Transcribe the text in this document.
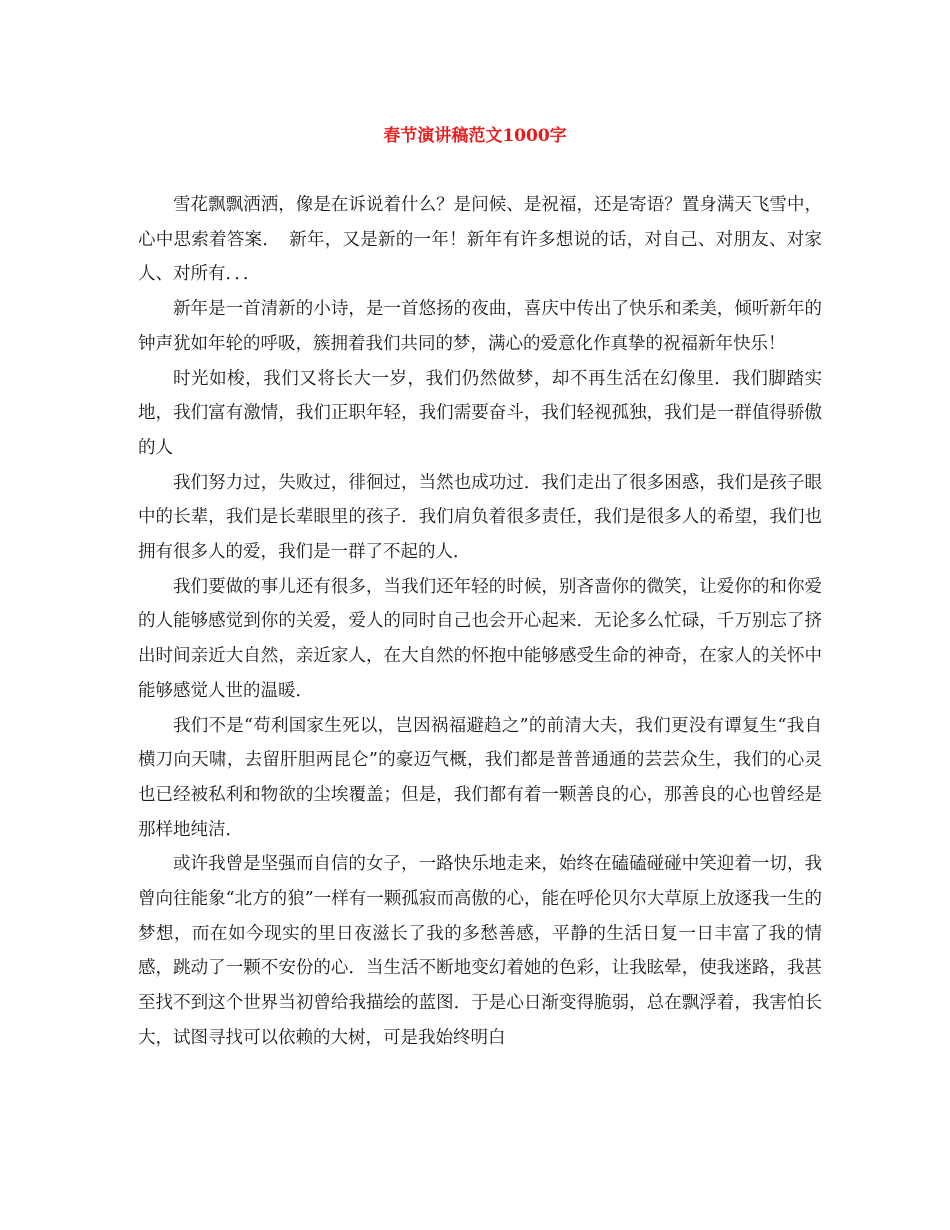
春节演讲稿范文1000字

雪花飘飘洒洒，像是在诉说着什么？是问候、是祝福，还是寄语？置身满天飞雪中，心中思索着答案．　新年，又是新的一年！新年有许多想说的话，对自己、对朋友、对家人、对所有．．．

新年是一首清新的小诗，是一首悠扬的夜曲，喜庆中传出了快乐和柔美，倾听新年的钟声犹如年轮的呼吸，簇拥着我们共同的梦，满心的爱意化作真挚的祝福新年快乐！

时光如梭，我们又将长大一岁，我们仍然做梦，却不再生活在幻像里．我们脚踏实地，我们富有激情，我们正职年轻，我们需要奋斗，我们轻视孤独，我们是一群值得骄傲的人

我们努力过，失败过，徘徊过，当然也成功过．我们走出了很多困惑，我们是孩子眼中的长辈，我们是长辈眼里的孩子．我们肩负着很多责任，我们是很多人的希望，我们也拥有很多人的爱，我们是一群了不起的人．

我们要做的事儿还有很多，当我们还年轻的时候，别吝啬你的微笑，让爱你的和你爱的人能够感觉到你的关爱，爱人的同时自己也会开心起来．无论多么忙碌，千万别忘了挤出时间亲近大自然，亲近家人，在大自然的怀抱中能够感受生命的神奇，在家人的关怀中能够感觉人世的温暖．

我们不是“苟利国家生死以，岂因祸福避趋之”的前清大夫，我们更没有谭复生“我自横刀向天啸，去留肝胆两昆仑”的豪迈气概，我们都是普普通通的芸芸众生，我们的心灵也已经被私利和物欲的尘埃覆盖；但是，我们都有着一颗善良的心，那善良的心也曾经是那样地纯洁．

或许我曾是坚强而自信的女子，一路快乐地走来，始终在磕磕碰碰中笑迎着一切，我曾向往能象“北方的狼”一样有一颗孤寂而高傲的心，能在呼伦贝尔大草原上放逐我一生的梦想，而在如今现实的里日夜滋长了我的多愁善感，平静的生活日复一日丰富了我的情感，跳动了一颗不安份的心．当生活不断地变幻着她的色彩，让我眩晕，使我迷路，我甚至找不到这个世界当初曾给我描绘的蓝图．于是心日渐变得脆弱，总在飘浮着，我害怕长大，试图寻找可以依赖的大树，可是我始终明白
